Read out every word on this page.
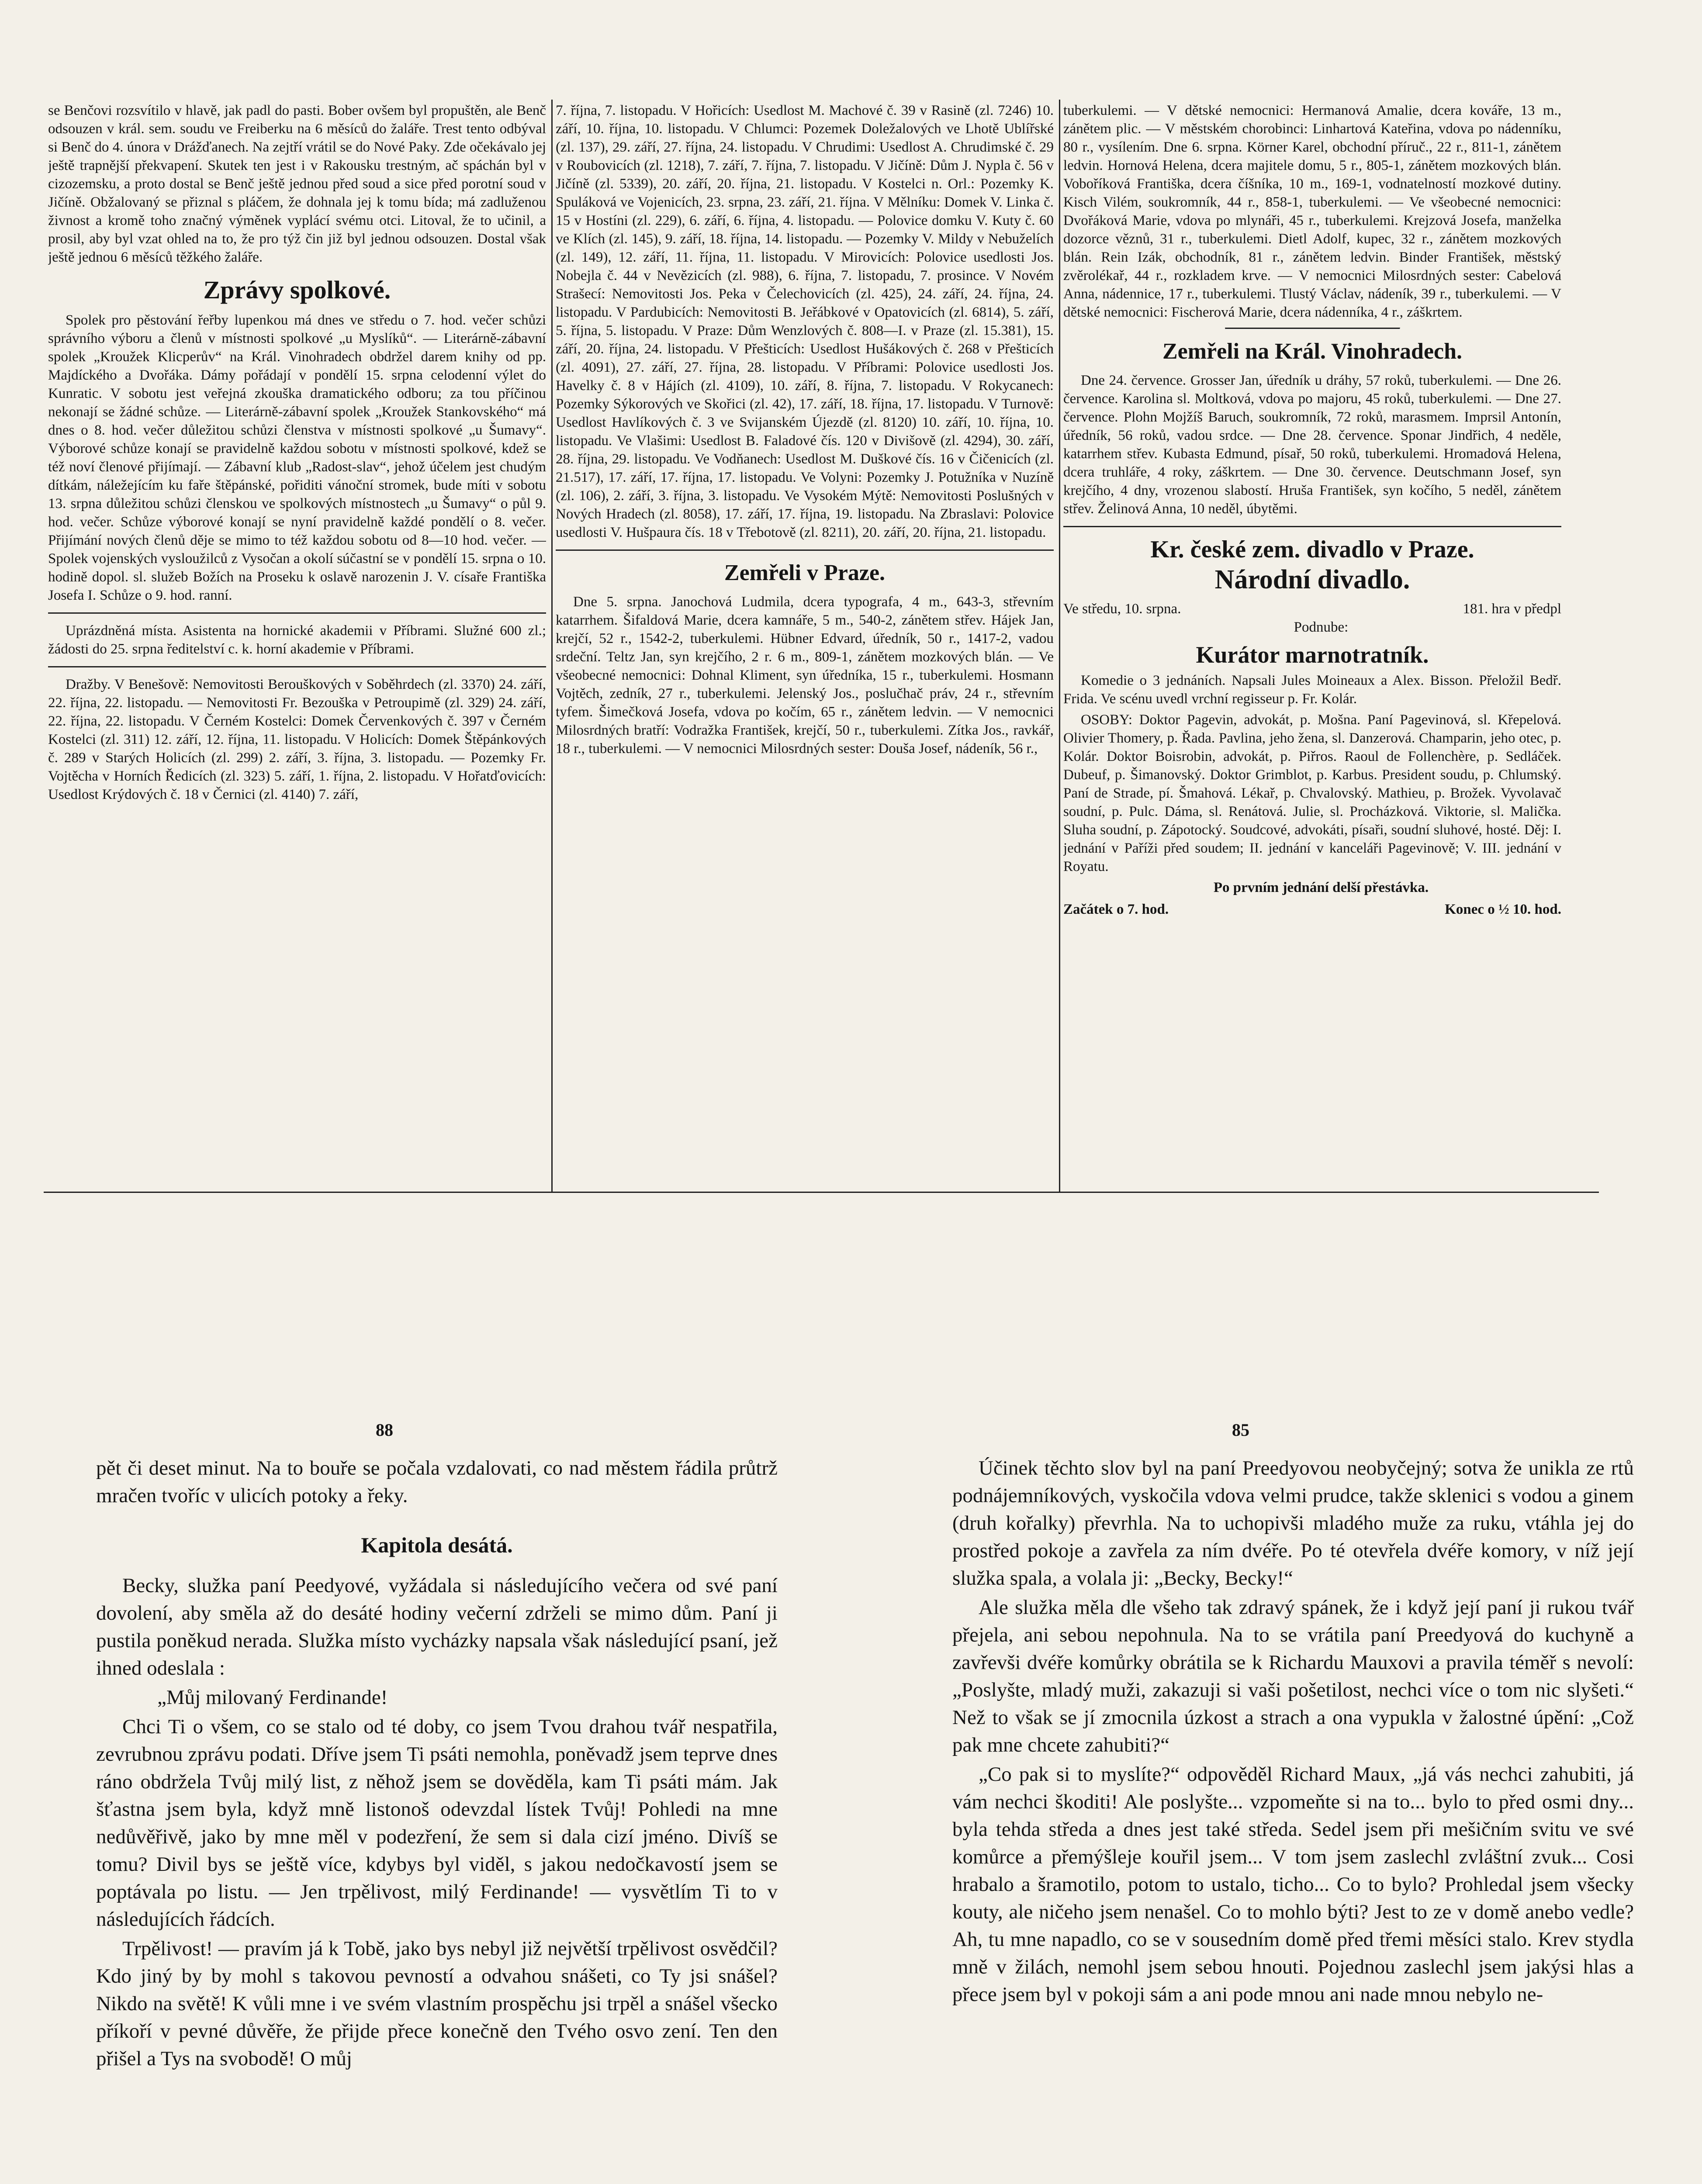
se Benčovi rozsvítilo v hlavě, jak padl do pasti. Bober ovšem byl propuštěn, ale Benč odsouzen v král. sem. soudu ve Freiberku na 6 měsíců do žaláře. Trest tento odbýval si Benč do 4. února v Drážďanech. Na zejtří vrátil se do Nové Paky. Zde očekávalo jej ještě trapnější překvapení. Skutek ten jest i v Rakousku trestným, ač spáchán byl v cizozemsku, a proto dostal se Benč ještě jednou před soud a sice před porotní soud v Jičíně. Obžalovaný se přiznal s pláčem, že dohnala jej k tomu bída; má zadluženou živnost a kromě toho značný výměnek vyplácí svému otci. Litoval, že to učinil, a prosil, aby byl vzat ohled na to, že pro týž čin již byl jednou odsouzen. Dostal však ještě jednou 6 měsíců těžkého žaláře.

Zprávy spolkové.

Spolek pro pěstování řeřby lupenkou má dnes ve středu o 7. hod. večer schůzi správního výboru a členů v místnosti spolkové „u Myslíků“. — Literárně-zábavní spolek „Kroužek Klicperův“ na Král. Vinohradech obdržel darem knihy od pp. Majdíckého a Dvořáka. Dámy pořádají v pondělí 15. srpna celodenní výlet do Kunratic. V sobotu jest veřejná zkouška dramatického odboru; za tou příčinou nekonají se žádné schůze. — Literárně-zábavní spolek „Kroužek Stankovského“ má dnes o 8. hod. večer důležitou schůzi členstva v místnosti spolkové „u Šumavy“. Výborové schůze konají se pravidelně každou sobotu v místnosti spolkové, kdež se též noví členové přijímají. — Zábavní klub „Radost-slav“, jehož účelem jest chudým dítkám, náležejícím ku faře štěpánské, pořiditi vánoční stromek, bude míti v sobotu 13. srpna důležitou schůzi členskou ve spolkových místnostech „u Šumavy“ o půl 9. hod. večer. Schůze výborové konají se nyní pravidelně každé pondělí o 8. večer. Přijímání nových členů děje se mimo to též každou sobotu od 8—10 hod. večer. — Spolek vojenských vysloužilců z Vysočan a okolí súčastní se v pondělí 15. srpna o 10. hodině dopol. sl. služeb Božích na Proseku k oslavě narozenin J. V. císaře Františka Josefa I. Schůze o 9. hod. ranní.

Uprázdněná místa. Asistenta na hornické akademii v Příbrami. Služné 600 zl.; žádosti do 25. srpna ředitelství c. k. horní akademie v Příbrami.

Dražby. V Benešově: Nemovitosti Berouškových v Soběhrdech (zl. 3370) 24. září, 22. října, 22. listopadu. — Nemovitosti Fr. Bezouška v Petroupimě (zl. 329) 24. září, 22. října, 22. listopadu. V Černém Kostelci: Domek Červenkových č. 397 v Černém Kostelci (zl. 311) 12. září, 12. října, 11. listopadu. V Holicích: Domek Štěpánkových č. 289 v Starých Holicích (zl. 299) 2. září, 3. října, 3. listopadu. — Pozemky Fr. Vojtěcha v Horních Ředicích (zl. 323) 5. září, 1. října, 2. listopadu. V Hořatďovicích: Usedlost Krýdových č. 18 v Černici (zl. 4140) 7. září,

7. října, 7. listopadu. V Hořicích: Usedlost M. Machové č. 39 v Rasině (zl. 7246) 10. září, 10. října, 10. listopadu. V Chlumci: Pozemek Doležalových ve Lhotě Ublířské (zl. 137), 29. září, 27. října, 24. listopadu. V Chrudimi: Usedlost A. Chrudimské č. 29 v Roubovicích (zl. 1218), 7. září, 7. října, 7. listopadu. V Jičíně: Dům J. Nypla č. 56 v Jičíně (zl. 5339), 20. září, 20. října, 21. listopadu. V Kostelci n. Orl.: Pozemky K. Spuláková ve Vojenicích, 23. srpna, 23. září, 21. října. V Mělníku: Domek V. Linka č. 15 v Hostíni (zl. 229), 6. září, 6. října, 4. listopadu. — Polovice domku V. Kuty č. 60 ve Klích (zl. 145), 9. září, 18. října, 14. listopadu. — Pozemky V. Mildy v Nebuželích (zl. 149), 12. září, 11. října, 11. listopadu. V Mirovicích: Polovice usedlosti Jos. Nobejla č. 44 v Nevězicích (zl. 988), 6. října, 7. listopadu, 7. prosince. V Novém Strašecí: Nemovitosti Jos. Peka v Čelechovicích (zl. 425), 24. září, 24. října, 24. listopadu. V Pardubicích: Nemovitosti B. Jeřábkové v Opatovicích (zl. 6814), 5. září, 5. října, 5. listopadu. V Praze: Dům Wenzlových č. 808—I. v Praze (zl. 15.381), 15. září, 20. října, 24. listopadu. V Přešticích: Usedlost Hušákových č. 268 v Přešticích (zl. 4091), 27. září, 27. října, 28. listopadu. V Příbrami: Polovice usedlosti Jos. Havelky č. 8 v Hájích (zl. 4109), 10. září, 8. října, 7. listopadu. V Rokycanech: Pozemky Sýkorových ve Skořici (zl. 42), 17. září, 18. října, 17. listopadu. V Turnově: Usedlost Havlíkových č. 3 ve Svijanském Újezdě (zl. 8120) 10. září, 10. října, 10. listopadu. Ve Vlašimi: Usedlost B. Faladové čís. 120 v Divišově (zl. 4294), 30. září, 28. října, 29. listopadu. Ve Vodňanech: Usedlost M. Duškové čís. 16 v Čičenicích (zl. 21.517), 17. září, 17. října, 17. listopadu. Ve Volyni: Pozemky J. Potužníka v Nuzíně (zl. 106), 2. září, 3. října, 3. listopadu. Ve Vysokém Mýtě: Nemovitosti Poslušných v Nových Hradech (zl. 8058), 17. září, 17. října, 19. listopadu. Na Zbraslavi: Polovice usedlosti V. Hušpaura čís. 18 v Třebotově (zl. 8211), 20. září, 20. října, 21. listopadu.

Zemřeli v Praze.

Dne 5. srpna. Janochová Ludmila, dcera typografa, 4 m., 643-3, střevním katarrhem. Šifaldová Marie, dcera kamnáře, 5 m., 540-2, zánětem střev. Hájek Jan, krejčí, 52 r., 1542-2, tuberkulemi. Hübner Edvard, úředník, 50 r., 1417-2, vadou srdeční. Teltz Jan, syn krejčího, 2 r. 6 m., 809-1, zánětem mozkových blán. — Ve všeobecné nemocnici: Dohnal Kliment, syn úředníka, 15 r., tuberkulemi. Hosmann Vojtěch, zedník, 27 r., tuberkulemi. Jelenský Jos., poslučhač práv, 24 r., střevním tyfem. Šimečková Josefa, vdova po kočím, 65 r., zánětem ledvin. — V nemocnici Milosrdných bratří: Vodražka František, krejčí, 50 r., tuberkulemi. Zítka Jos., ravkář, 18 r., tuberkulemi. — V nemocnici Milosrdných sester: Douša Josef, nádeník, 56 r.,

tuberkulemi. — V dětské nemocnici: Hermanová Amalie, dcera kováře, 13 m., zánětem plic. — V městském chorobinci: Linhartová Kateřina, vdova po nádenníku, 80 r., vysílením. Dne 6. srpna. Körner Karel, obchodní příruč., 22 r., 811-1, zánětem ledvin. Hornová Helena, dcera majitele domu, 5 r., 805-1, zánětem mozkových blán. Voboříková Františka, dcera číšníka, 10 m., 169-1, vodnatelností mozkové dutiny. Kisch Vilém, soukromník, 44 r., 858-1, tuberkulemi. — Ve všeobecné nemocnici: Dvořáková Marie, vdova po mlynáři, 45 r., tuberkulemi. Krejzová Josefa, manželka dozorce věznů, 31 r., tuberkulemi. Dietl Adolf, kupec, 32 r., zánětem mozkových blán. Rein Izák, obchodník, 81 r., zánětem ledvin. Binder František, městský zvěrolékař, 44 r., rozkladem krve. — V nemocnici Milosrdných sester: Cabelová Anna, nádennice, 17 r., tuberkulemi. Tlustý Václav, nádeník, 39 r., tuberkulemi. — V dětské nemocnici: Fischerová Marie, dcera nádenníka, 4 r., záškrtem.

Zemřeli na Král. Vinohradech.

Dne 24. července. Grosser Jan, úředník u dráhy, 57 roků, tuberkulemi. — Dne 26. července. Karolina sl. Moltková, vdova po majoru, 45 roků, tuberkulemi. — Dne 27. července. Plohn Mojžíš Baruch, soukromník, 72 roků, marasmem. Imprsil Antonín, úředník, 56 roků, vadou srdce. — Dne 28. července. Sponar Jindřich, 4 neděle, katarrhem střev. Kubasta Edmund, písař, 50 roků, tuberkulemi. Hromadová Helena, dcera truhláře, 4 roky, záškrtem. — Dne 30. července. Deutschmann Josef, syn krejčího, 4 dny, vrozenou slabostí. Hruša František, syn kočího, 5 neděl, zánětem střev. Želinová Anna, 10 neděl, úbytěmi.

Kr. české zem. divadlo v Praze.
Národní divadlo.
Ve středu, 10. srpna.	181. hra v předpl

Podnube:

Kurátor marnotratník.

Komedie o 3 jednáních. Napsali Jules Moineaux a Alex. Bisson. Přeložil Bedř. Frida. Ve scénu uvedl vrchní regisseur p. Fr. Kolár.

OSOBY: Doktor Pagevin, advokát, p. Mošna. Paní Pagevinová, sl. Křepelová. Olivier Thomery, p. Řada. Pavlina, jeho žena, sl. Danzerová. Champarin, jeho otec, p. Kolár. Doktor Boisrobin, advokát, p. Piřros. Raoul de Follenchère, p. Sedláček. Dubeuf, p. Šimanovský. Doktor Grimblot, p. Karbus. President soudu, p. Chlumský. Paní de Strade, pí. Šmahová. Lékař, p. Chvalovský. Mathieu, p. Brožek. Vyvolavač soudní, p. Pulc. Dáma, sl. Renátová. Julie, sl. Procházková. Viktorie, sl. Malička. Sluha soudní, p. Zápotocký. Soudcové, advokáti, písaři, soudní sluhové, hosté. Děj: I. jednání v Paříži před soudem; II. jednání v kanceláři Pagevinově; V. III. jednání v Royatu.

Po prvním jednání delší přestávka.

Začátek o 7. hod.	Konec o ½ 10. hod.
88	85

pět či deset minut. Na to bouře se počala vzdalovati, co nad městem řádila průtrž mračen tvoříc v ulicích potoky a řeky.

Kapitola desátá.

Becky, služka paní Peedyové, vyžádala si následujícího večera od své paní dovolení, aby směla až do desáté hodiny večerní zdrželi se mimo dům. Paní ji pustila poněkud nerada. Služka místo vycházky napsala však následující psaní, jež ihned odeslala :

„Můj milovaný Ferdinande!

Chci Ti o všem, co se stalo od té doby, co jsem Tvou drahou tvář nespatřila, zevrubnou zprávu podati. Dříve jsem Ti psáti nemohla, poněvadž jsem teprve dnes ráno obdržela Tvůj milý list, z něhož jsem se dověděla, kam Ti psáti mám. Jak šťastna jsem byla, když mně listonoš odevzdal lístek Tvůj! Pohledi na mne nedůvěřivě, jako by mne měl v podezření, že sem si dala cizí jméno. Divíš se tomu? Divil bys se ještě více, kdybys byl viděl, s jakou nedočkavostí jsem se poptávala po listu. — Jen trpělivost, milý Ferdinande! — vysvětlím Ti to v následujících řádcích.

Trpělivost! — pravím já k Tobě, jako bys nebyl již největší trpělivost osvědčil? Kdo jiný by by mohl s takovou pevností a odvahou snášeti, co Ty jsi snášel? Nikdo na světě! K vůli mne i ve svém vlastním prospěchu jsi trpěl a snášel všecko příkoří v pevné důvěře, že přijde přece konečně den Tvého osvo zení. Ten den přišel a Tys na svobodě! O můj

Účinek těchto slov byl na paní Preedyovou neobyčejný; sotva že unikla ze rtů podnájemníkových, vyskočila vdova velmi prudce, takže sklenici s vodou a ginem (druh kořalky) převrhla. Na to uchopivši mladého muže za ruku, vtáhla jej do prostřed pokoje a zavřela za ním dvéře. Po té otevřela dvéře komory, v níž její služka spala, a volala ji: „Becky, Becky!“

Ale služka měla dle všeho tak zdravý spánek, že i když její paní ji rukou tvář přejela, ani sebou nepohnula. Na to se vrátila paní Preedyová do kuchyně a zavřevši dvéře komůrky obrátila se k Richardu Mauxovi a pravila téměř s nevolí: „Poslyšte, mladý muži, zakazuji si vaši pošetilost, nechci více o tom nic slyšeti.“ Než to však se jí zmocnila úzkost a strach a ona vypukla v žalostné úpění: „Což pak mne chcete zahubiti?“

„Co pak si to myslíte?“ odpověděl Richard Maux, „já vás nechci zahubiti, já vám nechci škoditi! Ale poslyšte... vzpomeňte si na to... bylo to před osmi dny... byla tehda středa a dnes jest také středa. Sedel jsem při mešičním svitu ve své komůrce a přemýšleje kouřil jsem... V tom jsem zaslechl zvláštní zvuk... Cosi hrabalo a šramotilo, potom to ustalo, ticho... Co to bylo? Prohledal jsem všecky kouty, ale ničeho jsem nenašel. Co to mohlo býti? Jest to ze v domě anebo vedle? Ah, tu mne napadlo, co se v sousedním domě před třemi měsíci stalo. Krev stydla mně v žilách, nemohl jsem sebou hnouti. Pojednou zaslechl jsem jakýsi hlas a přece jsem byl v pokoji sám a ani pode mnou ani nade mnou nebylo ne-
